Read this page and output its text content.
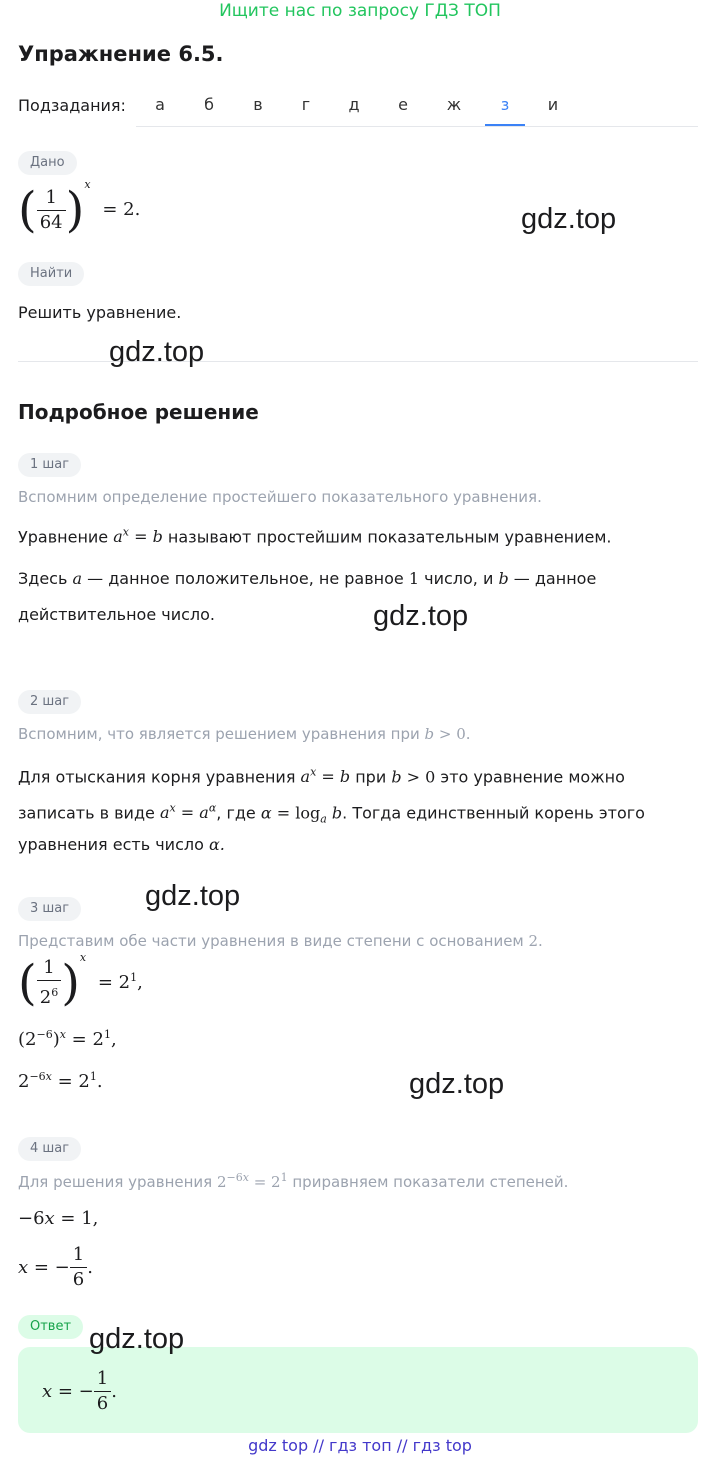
Ищите нас по запросу ГДЗ ТОП
Упражнение 6.5.
Подзадания:	а	б	в	г	д	е	ж	з	и
Дано
( $\frac{1}{64} )^x = 2$.
Найти
Решить уравнение.
Подробное решение
1 шаг
Вспомним определение простейшего показательного уравнения.
Уравнение $a^x = b$ называют простейшим показательным уравнением.
Здесь a — данное положительное, не равное 1 число, и b — данное
действительное число.
2 шаг
Вспомним, что является решением уравнения при b > 0.
Для отыскания корня уравнения $a^x = b$ при b > 0 это уравнение можно
записать в виде $a^x = a^\alpha$, где $\alpha = \log_a b$. Тогда единственный корень этого
уравнения есть число α.
3 шаг
Представим обе части уравнения в виде степени с основанием 2.
( $\frac{1}{2^6} )^x = 2^1$,
$(2^{-6})^x = 2^1$,
$2^{-6x} = 2^1$.
4 шаг
Для решения уравнения $2^{-6x} = 2^1$ приравняем показатели степеней.
−6x = 1,
x = − $\frac{1}{6}$ .
Ответ
x = − $\frac{1}{6}$ .
gdz.top
gdz.top
gdz.top
gdz.top
gdz.top
gdz.top
gdz top // гдз топ // гдз top
